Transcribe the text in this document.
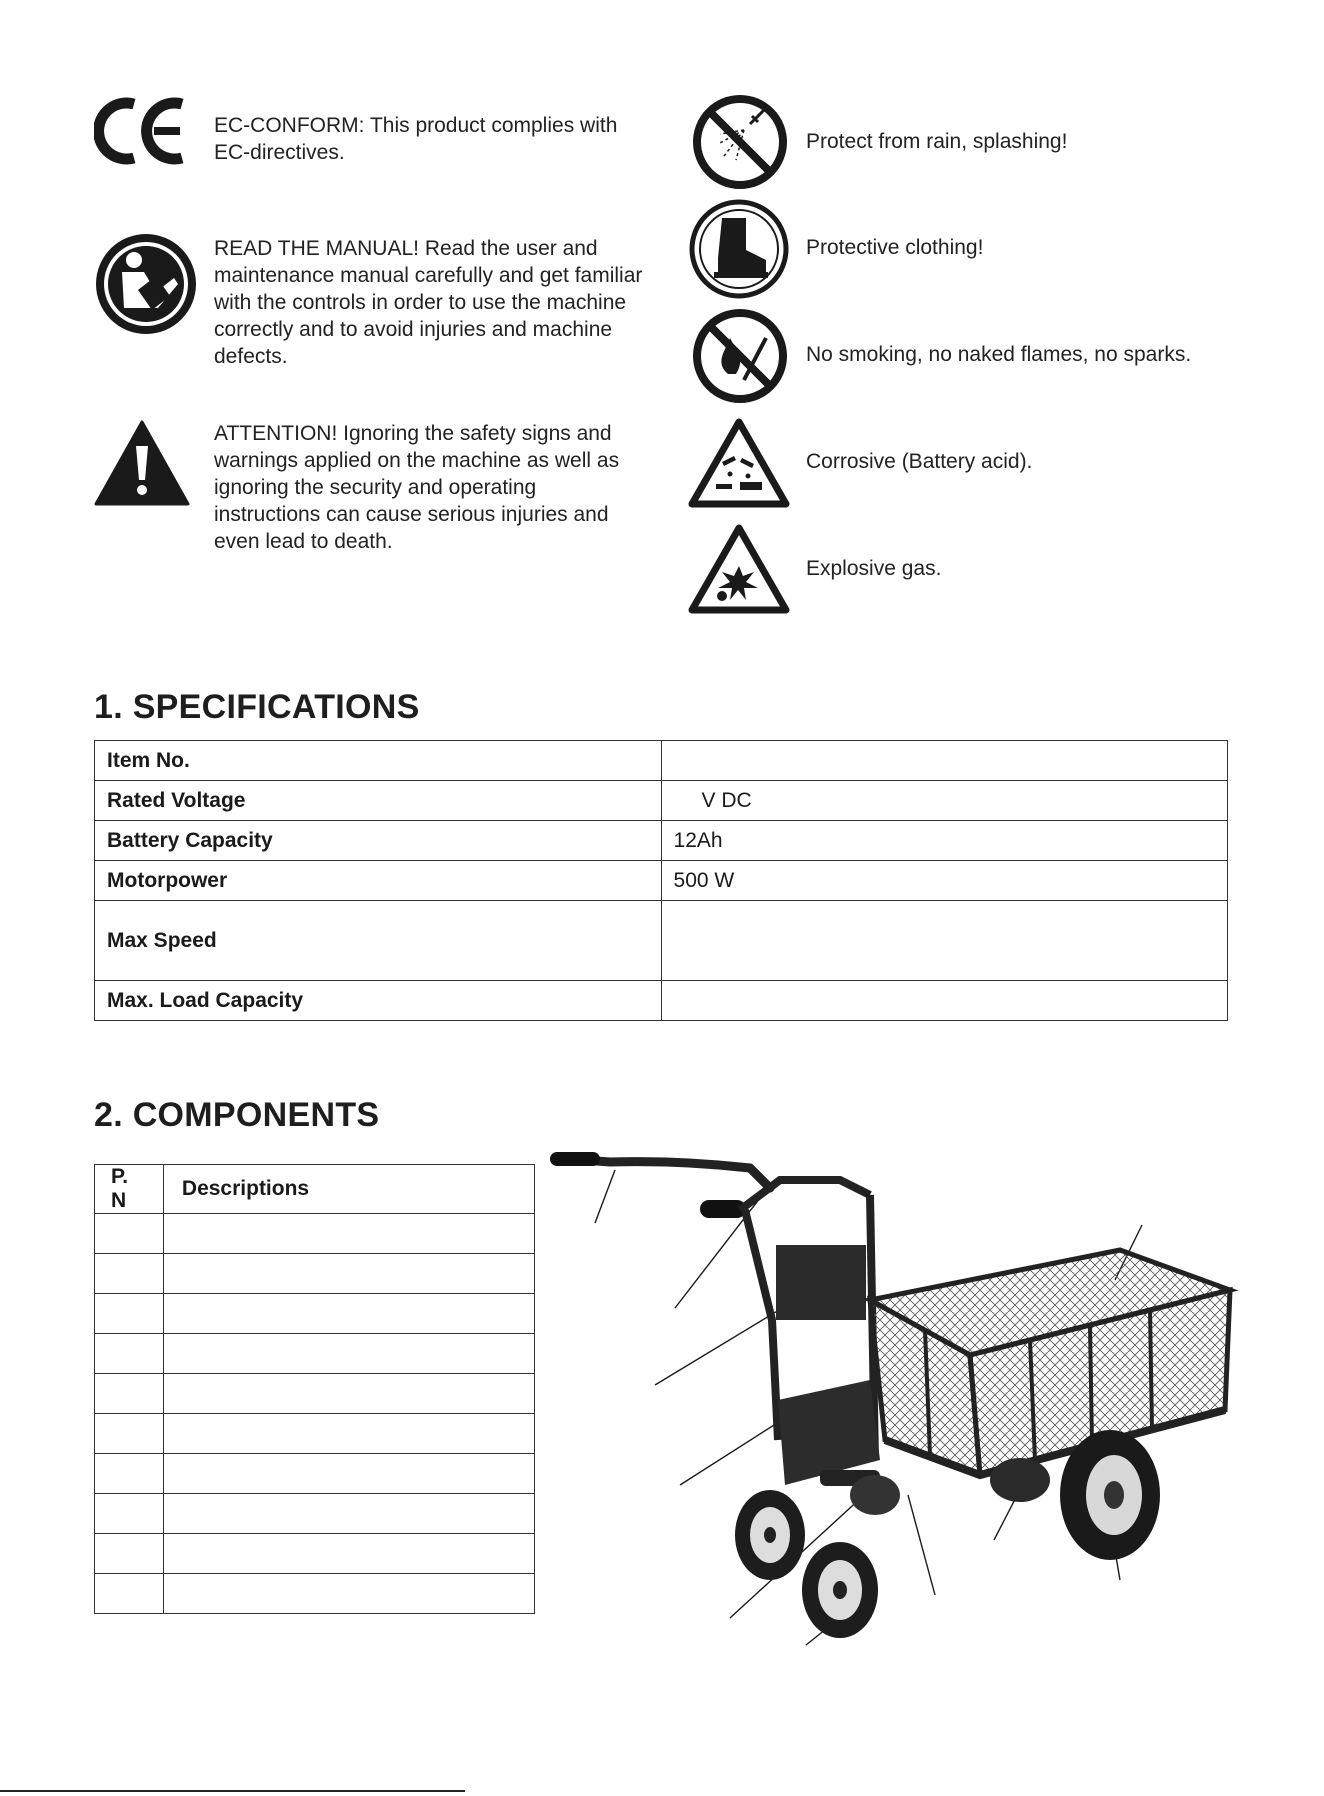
EC-CONFORM: This product complies with EC-directives.
READ THE MANUAL! Read the user and maintenance manual carefully and get familiar with the controls in order to use the machine correctly and to avoid injuries and machine defects.
ATTENTION! Ignoring the safety signs and warnings applied on the machine as well as ignoring the security and operating instructions can cause serious injuries and even lead to death.
Protect from rain, splashing!
Protective clothing!
No smoking, no naked flames, no sparks.
Corrosive (Battery acid).
Explosive gas.
1. SPECIFICATIONS
Item No.	
Rated Voltage	V DC
Battery Capacity	12Ah
Motorpower	500 W
Max Speed	
Max. Load Capacity	
2. COMPONENTS
P. N	Descriptions
